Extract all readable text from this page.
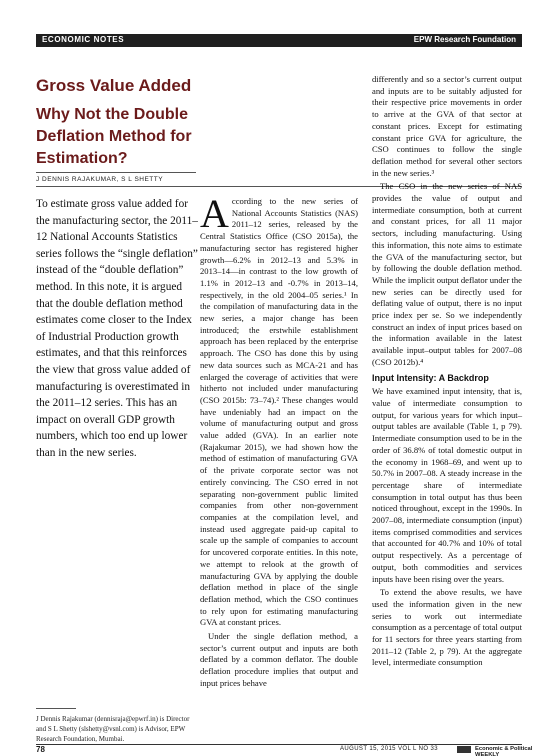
ECONOMIC NOTES	EPW Research Foundation
Gross Value Added
Why Not the Double Deflation Method for Estimation?
J DENNIS RAJAKUMAR, S L SHETTY

To estimate gross value added for the manufacturing sector, the 2011–12 National Accounts Statistics series follows the “single deflation” instead of the “double deflation” method. In this note, it is argued that the double deflation method estimates come closer to the Index of Industrial Production growth estimates, and that this reinforces the view that gross value added of manufacturing is overestimated in the 2011–12 series. This has an impact on overall GDP growth numbers, which too end up lower than in the new series.

J Dennis Rajakumar (dennisraja@epwrf.in) is Director and S L Shetty (slshetty@vsnl.com) is Advisor, EPW Research Foundation, Mumbai.

According to the new series of National Accounts Statistics (NAS) 2011–12 series, released by the Central Statistics Office (CSO 2015a), the manufacturing sector has registered higher growth—6.2% in 2012–13 and 5.3% in 2013–14—in contrast to the low growth of 1.1% in 2012–13 and -0.7% in 2013–14, respectively, in the old 2004–05 series.¹ In the compilation of manufacturing data in the new series, a major change has been introduced; the erstwhile establishment approach has been replaced by the enterprise approach. The CSO has done this by using new data sources such as MCA-21 and has enlarged the coverage of activities that were hitherto not included under manufacturing (CSO 2015b: 73–74).² These changes would have undeniably had an impact on the volume of manufacturing output and gross value added (GVA). In an earlier note (Rajakumar 2015), we had shown how the method of estimation of manufacturing GVA of the private corporate sector was not entirely convincing. The CSO erred in not separating non-government public limited companies from other non-government companies at the compilation level, and instead used aggregate paid-up capital to scale up the sample of companies to account for uncovered corporate entities. In this note, we attempt to relook at the growth of manufacturing GVA by applying the double deflation method in place of the single deflation method, which the CSO continues to rely upon for estimating manufacturing GVA at constant prices.

Under the single deflation method, a sector’s current output and inputs are both deflated by a common deflator. The double deflation procedure implies that output and input prices behave

differently and so a sector’s current output and inputs are to be suitably adjusted for their respective price movements in order to arrive at the GVA of that sector at constant prices. Except for estimating constant price GVA for agriculture, the CSO continues to follow the single deflation method for several other sectors in the new series.³

The CSO in the new series of NAS provides the value of output and intermediate consumption, both at current and constant prices, for all 11 major sectors, including manufacturing. Using this information, this note aims to estimate the GVA of the manufacturing sector, but by following the double deflation method. While the implicit output deflator under the new series can be directly used for deflating value of output, there is no input price index per se. So we independently construct an index of input prices based on the information available in the latest available input–output tables for 2007–08 (CSO 2012b).⁴

Input Intensity: A Backdrop

We have examined input intensity, that is, value of intermediate consumption to output, for various years for which input–output tables are available (Table 1, p 79). Intermediate consumption used to be in the order of 36.8% of total domestic output in the economy in 1968–69, and went up to 50.7% in 2007–08. A steady increase in the percentage share of intermediate consumption in total output has thus been noticed throughout, except in the 1990s. In 2007–08, intermediate consumption (input) items comprised commodities and services that accounted for 40.7% and 10% of total output respectively. As a percentage of output, both commodities and services inputs have been rising over the years.

To extend the above results, we have used the information given in the new series to work out intermediate consumption as a percentage of total output for 11 sectors for three years starting from 2011–12 (Table 2, p 79). At the aggregate level, intermediate consumption

78	AUGUST 15, 2015 VOL L NO 33	Economic & Political WEEKLY
